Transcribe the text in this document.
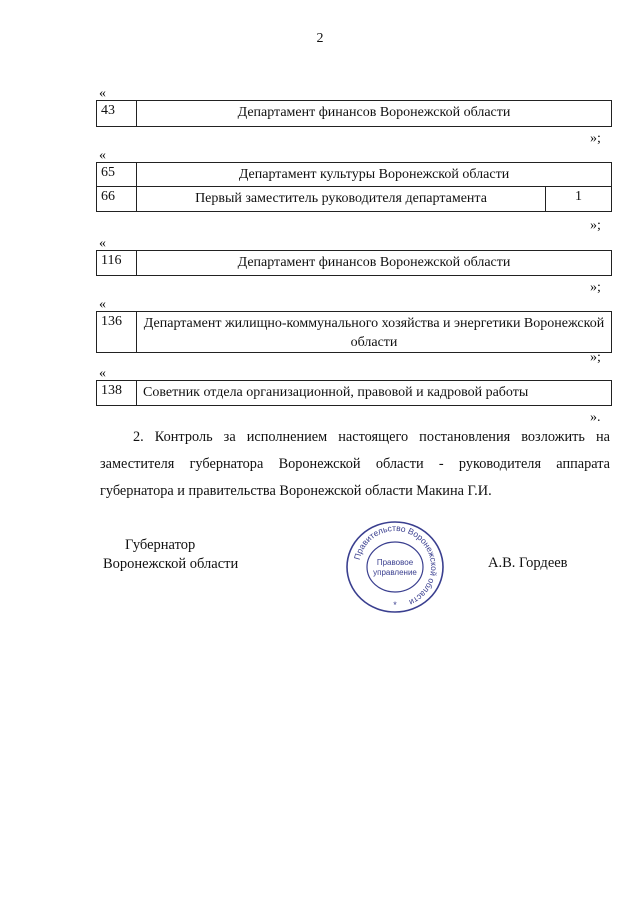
2
«
43	Департамент финансов Воронежской области
»;
«
65	Департамент культуры Воронежской области
66	Первый заместитель руководителя департамента	1
»;
«
116	Департамент финансов Воронежской области
»;
«
136	Департамент жилищно-коммунального хозяйства и энергетики Воронежской области
»;
«
138	Советник отдела организационной, правовой и кадровой работы
».
2. Контроль за исполнением настоящего постановления возложить на заместителя губернатора Воронежской области - руководителя аппарата губернатора и правительства Воронежской области Макина Г.И.
Губернатор
Воронежской области	А.В. Гордеев
Правительство Воронежской области
Правовое
управление
*
